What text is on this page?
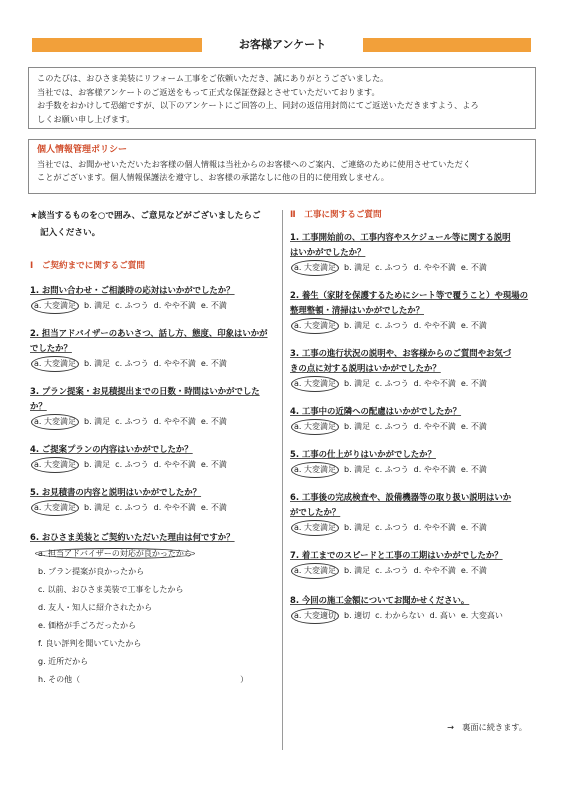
お客様アンケート
このたびは、おひさま美装にリフォーム工事をご依頼いただき、誠にありがとうございました。
当社では、お客様アンケートのご返送をもって正式な保証登録とさせていただいております。
お手数をおかけして恐縮ですが、以下のアンケートにご回答の上、同封の返信用封筒にてご返送いただきますよう、よろ
しくお願い申し上げます。
個人情報管理ポリシー
当社では、お聞かせいただいたお客様の個人情報は当社からのお客様へのご案内、ご連絡のために使用させていただく
ことがございます。個人情報保護法を遵守し、お客様の承諾なしに他の目的に使用致しません。
★該当するものを○で囲み、ご意見などがございましたらご
記入ください。
Ⅰ　ご契約までに関するご質問
1. お問い合わせ・ご相談時の応対はいかがでしたか？
a. 大変満足 b. 満足 c. ふつう d. やや不満 e. 不満
2. 担当アドバイザーのあいさつ、話し方、態度、印象はいかが
でしたか？
a. 大変満足 b. 満足 c. ふつう d. やや不満 e. 不満
3. プラン提案・お見積提出までの日数・時間はいかがでした
か？
a. 大変満足 b. 満足 c. ふつう d. やや不満 e. 不満
4. ご提案プランの内容はいかがでしたか？
a. 大変満足 b. 満足 c. ふつう d. やや不満 e. 不満
5. お見積書の内容と説明はいかがでしたか？
a. 大変満足 b. 満足 c. ふつう d. やや不満 e. 不満
6. おひさま美装とご契約いただいた理由は何ですか？
a. 担当アドバイザーの対応が良かったから
b. プラン提案が良かったから
c. 以前、おひさま美装で工事をしたから
d. 友人・知人に紹介されたから
e. 価格が手ごろだったから
f. 良い評判を聞いていたから
g. 近所だから
h. その他（　　　　　　　　　　　　　　　　　　　　）
Ⅱ　工事に関するご質問
1. 工事開始前の、工事内容やスケジュール等に関する説明
はいかがでしたか？
a. 大変満足 b. 満足 c. ふつう d. やや不満 e. 不満
2. 養生（家財を保護するためにシート等で覆うこと）や現場の
整理整頓・清掃はいかがでしたか？
a. 大変満足 b. 満足 c. ふつう d. やや不満 e. 不満
3. 工事の進行状況の説明や、お客様からのご質問やお気づ
きの点に対する説明はいかがでしたか？
a. 大変満足 b. 満足 c. ふつう d. やや不満 e. 不満
4. 工事中の近隣への配慮はいかがでしたか？
a. 大変満足 b. 満足 c. ふつう d. やや不満 e. 不満
5. 工事の仕上がりはいかがでしたか？
a. 大変満足 b. 満足 c. ふつう d. やや不満 e. 不満
6. 工事後の完成検査や、設備機器等の取り扱い説明はいか
がでしたか？
a. 大変満足 b. 満足 c. ふつう d. やや不満 e. 不満
7. 着工までのスピードと工事の工期はいかがでしたか？
a. 大変満足 b. 満足 c. ふつう d. やや不満 e. 不満
8. 今回の施工金額についてお聞かせください。
a. 大変適切 b. 適切 c. わからない d. 高い e. 大変高い
→　裏面に続きます。
